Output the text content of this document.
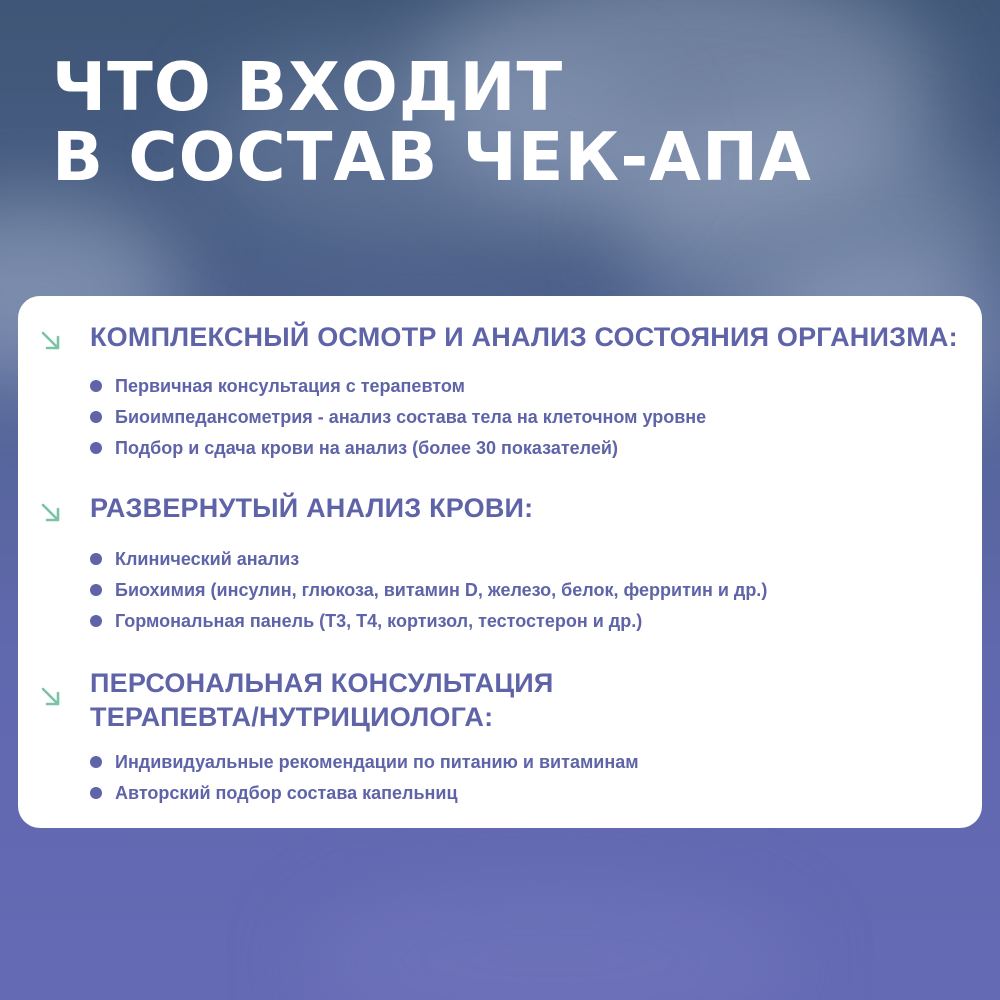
ЧТО ВХОДИТ
В СОСТАВ ЧЕК-АПА
КОМПЛЕКСНЫЙ ОСМОТР И АНАЛИЗ СОСТОЯНИЯ ОРГАНИЗМА:
Первичная консультация с терапевтом
Биоимпедансометрия - анализ состава тела на клеточном уровне
Подбор и сдача крови на анализ (более 30 показателей)
РАЗВЕРНУТЫЙ АНАЛИЗ КРОВИ:
Клинический анализ
Биохимия (инсулин, глюкоза, витамин D, железо, белок, ферритин и др.)
Гормональная панель (Т3, Т4, кортизол, тестостерон и др.)
ПЕРСОНАЛЬНАЯ КОНСУЛЬТАЦИЯ
ТЕРАПЕВТА/НУТРИЦИОЛОГА:
Индивидуальные рекомендации по питанию и витаминам
Авторский подбор состава капельниц
